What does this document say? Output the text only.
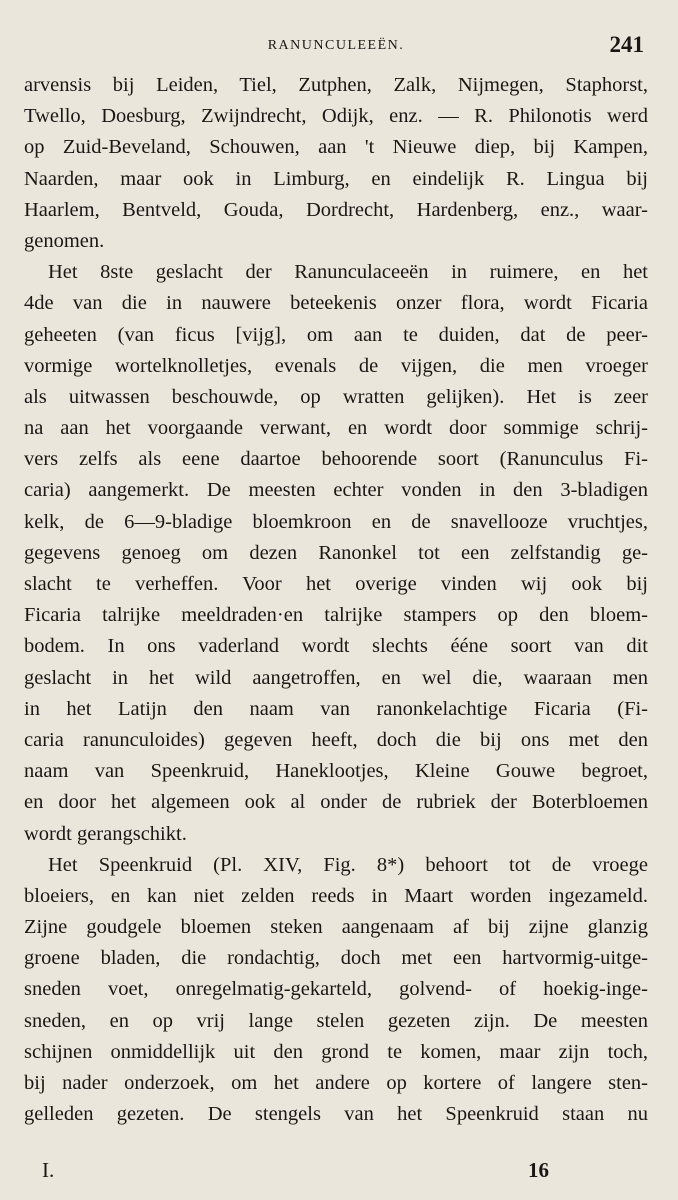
RANUNCULEEËN.	241
arvensis bij Leiden, Tiel, Zutphen, Zalk, Nijmegen, Staphorst,
Twello, Doesburg, Zwijndrecht, Odijk, enz. — R. Philonotis werd
op Zuid-Beveland, Schouwen, aan 't Nieuwe diep, bij Kampen,
Naarden, maar ook in Limburg, en eindelijk R. Lingua bij
Haarlem, Bentveld, Gouda, Dordrecht, Hardenberg, enz., waar-
genomen.
Het 8ste geslacht der Ranunculaceeën in ruimere, en het
4de van die in nauwere beteekenis onzer flora, wordt Ficaria
geheeten (van ficus [vijg], om aan te duiden, dat de peer-
vormige wortelknolletjes, evenals de vijgen, die men vroeger
als uitwassen beschouwde, op wratten gelijken). Het is zeer
na aan het voorgaande verwant, en wordt door sommige schrij-
vers zelfs als eene daartoe behoorende soort (Ranunculus Fi-
caria) aangemerkt. De meesten echter vonden in den 3-bladigen
kelk, de 6—9-bladige bloemkroon en de snavellooze vruchtjes,
gegevens genoeg om dezen Ranonkel tot een zelfstandig ge-
slacht te verheffen. Voor het overige vinden wij ook bij
Ficaria talrijke meeldraden·en talrijke stampers op den bloem-
bodem. In ons vaderland wordt slechts ééne soort van dit
geslacht in het wild aangetroffen, en wel die, waaraan men
in het Latijn den naam van ranonkelachtige Ficaria (Fi-
caria ranunculoides) gegeven heeft, doch die bij ons met den
naam van Speenkruid, Haneklootjes, Kleine Gouwe begroet,
en door het algemeen ook al onder de rubriek der Boterbloemen
wordt gerangschikt.
Het Speenkruid (Pl. XIV, Fig. 8*) behoort tot de vroege
bloeiers, en kan niet zelden reeds in Maart worden ingezameld.
Zijne goudgele bloemen steken aangenaam af bij zijne glanzig
groene bladen, die rondachtig, doch met een hartvormig-uitge-
sneden voet, onregelmatig-gekarteld, golvend- of hoekig-inge-
sneden, en op vrij lange stelen gezeten zijn. De meesten
schijnen onmiddellijk uit den grond te komen, maar zijn toch,
bij nader onderzoek, om het andere op kortere of langere sten-
gelleden gezeten. De stengels van het Speenkruid staan nu
I.	16
